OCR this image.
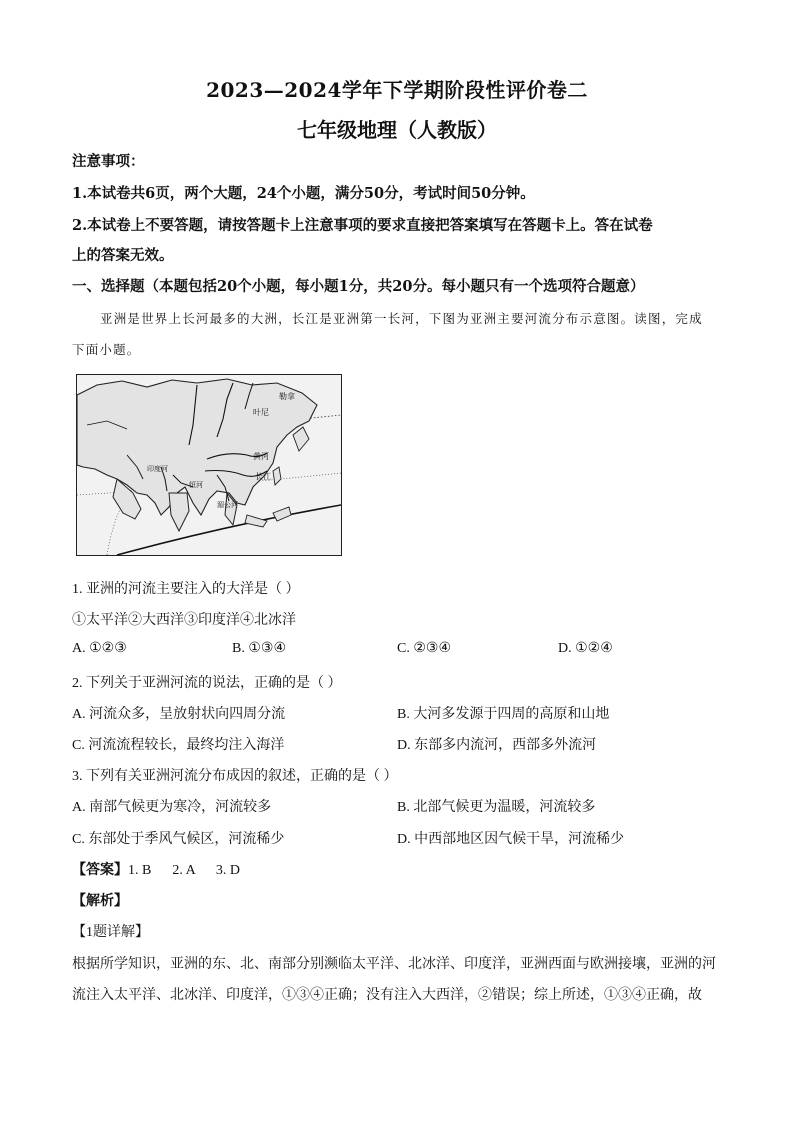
2023—2024学年下学期阶段性评价卷二
七年级地理（人教版）
注意事项：
1.本试卷共6页，两个大题，24个小题，满分50分，考试时间50分钟。
2.本试卷上不要答题，请按答题卡上注意事项的要求直接把答案填写在答题卡上。答在试卷
上的答案无效。
一、选择题（本题包括20个小题，每小题1分，共20分。每小题只有一个选项符合题意）
亚洲是世界上长河最多的大洲，长江是亚洲第一长河，下图为亚洲主要河流分布示意图。读图，完成
下面小题。
叶尼
勒拿
黄河
长江
湄公河
恒河
印度河
1. 亚洲的河流主要注入的大洋是（ ）
①太平洋②大西洋③印度洋④北冰洋
A. ①②③	B. ①③④	C. ②③④	D. ①②④
2. 下列关于亚洲河流的说法，正确的是（ ）
A. 河流众多，呈放射状向四周分流	B. 大河多发源于四周的高原和山地
C. 河流流程较长，最终均注入海洋	D. 东部多内流河，西部多外流河
3. 下列有关亚洲河流分布成因的叙述，正确的是（ ）
A. 南部气候更为寒冷，河流较多	B. 北部气候更为温暖，河流较多
C. 东部处于季风气候区，河流稀少	D. 中西部地区因气候干旱，河流稀少
【答案】1. B      2. A      3. D
【解析】
【1题详解】
根据所学知识，亚洲的东、北、南部分别濒临太平洋、北冰洋、印度洋，亚洲西面与欧洲接壤，亚洲的河
流注入太平洋、北冰洋、印度洋，①③④正确；没有注入大西洋，②错误；综上所述，①③④正确，故
